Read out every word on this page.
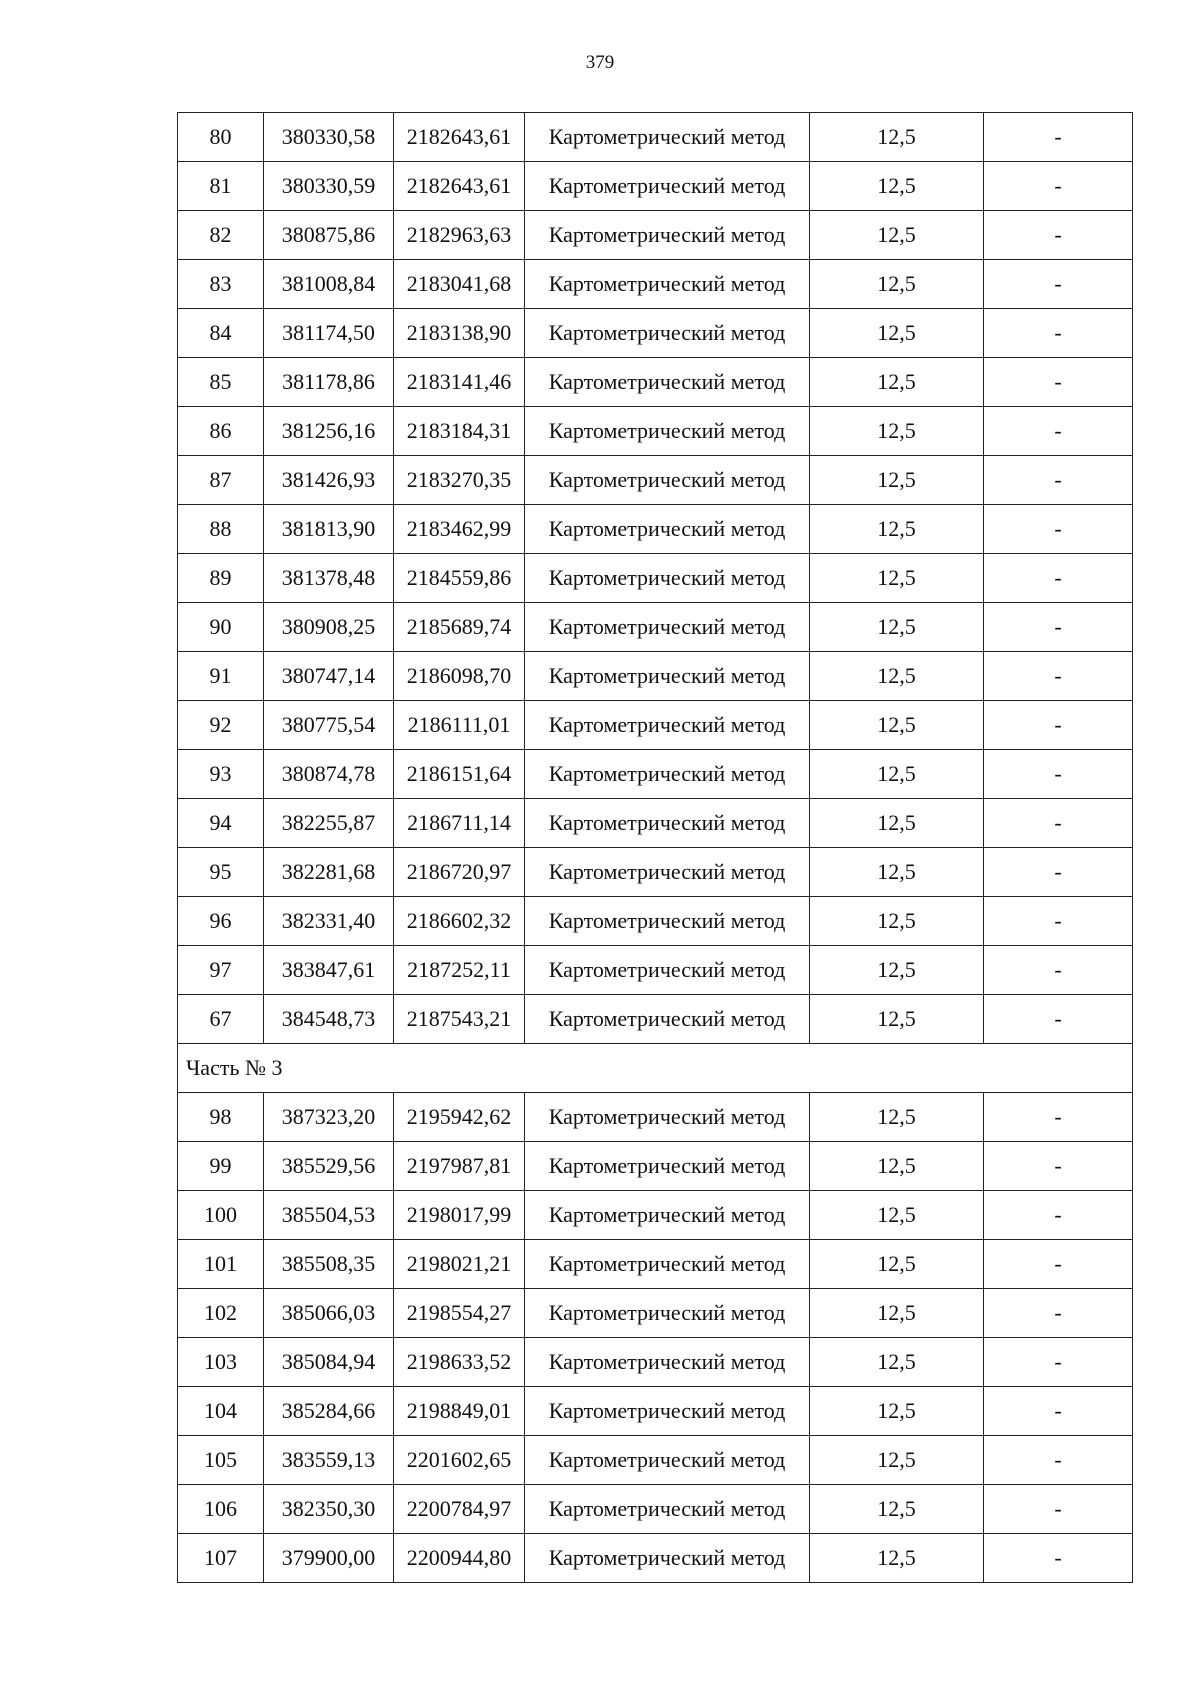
379
80	380330,58	2182643,61	Картометрический метод	12,5	-
81	380330,59	2182643,61	Картометрический метод	12,5	-
82	380875,86	2182963,63	Картометрический метод	12,5	-
83	381008,84	2183041,68	Картометрический метод	12,5	-
84	381174,50	2183138,90	Картометрический метод	12,5	-
85	381178,86	2183141,46	Картометрический метод	12,5	-
86	381256,16	2183184,31	Картометрический метод	12,5	-
87	381426,93	2183270,35	Картометрический метод	12,5	-
88	381813,90	2183462,99	Картометрический метод	12,5	-
89	381378,48	2184559,86	Картометрический метод	12,5	-
90	380908,25	2185689,74	Картометрический метод	12,5	-
91	380747,14	2186098,70	Картометрический метод	12,5	-
92	380775,54	2186111,01	Картометрический метод	12,5	-
93	380874,78	2186151,64	Картометрический метод	12,5	-
94	382255,87	2186711,14	Картометрический метод	12,5	-
95	382281,68	2186720,97	Картометрический метод	12,5	-
96	382331,40	2186602,32	Картометрический метод	12,5	-
97	383847,61	2187252,11	Картометрический метод	12,5	-
67	384548,73	2187543,21	Картометрический метод	12,5	-
Часть № 3					
98	387323,20	2195942,62	Картометрический метод	12,5	-
99	385529,56	2197987,81	Картометрический метод	12,5	-
100	385504,53	2198017,99	Картометрический метод	12,5	-
101	385508,35	2198021,21	Картометрический метод	12,5	-
102	385066,03	2198554,27	Картометрический метод	12,5	-
103	385084,94	2198633,52	Картометрический метод	12,5	-
104	385284,66	2198849,01	Картометрический метод	12,5	-
105	383559,13	2201602,65	Картометрический метод	12,5	-
106	382350,30	2200784,97	Картометрический метод	12,5	-
107	379900,00	2200944,80	Картометрический метод	12,5	-
